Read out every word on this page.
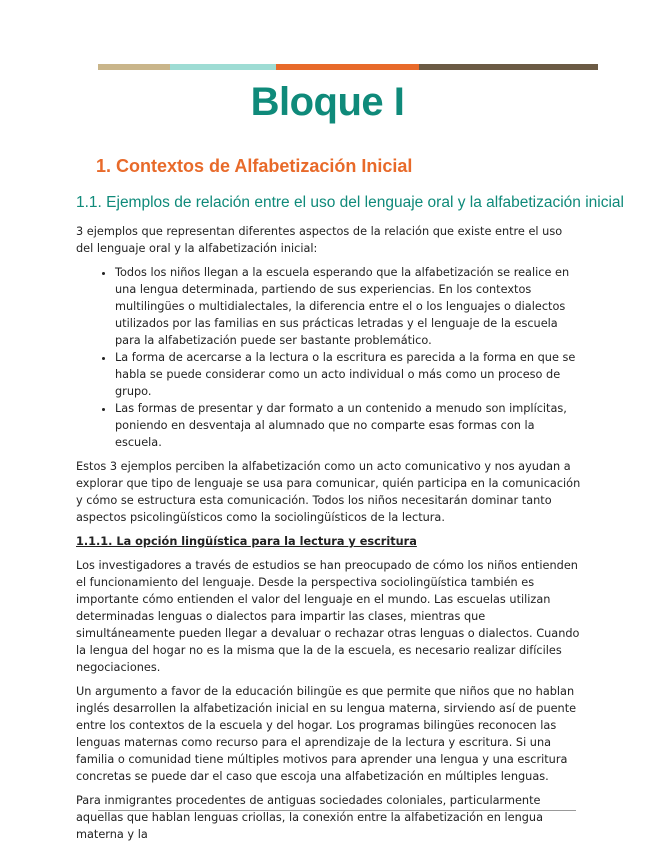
Bloque I
1. Contextos de Alfabetización Inicial
1.1. Ejemplos de relación entre el uso del lenguaje oral y la alfabetización inicial

3 ejemplos que representan diferentes aspectos de la relación que existe entre el uso del lenguaje oral y la alfabetización inicial:

• Todos los niños llegan a la escuela esperando que la alfabetización se realice en una lengua determinada, partiendo de sus experiencias. En los contextos multilingües o multidialectales, la diferencia entre el o los lenguajes o dialectos utilizados por las familias en sus prácticas letradas y el lenguaje de la escuela para la alfabetización puede ser bastante problemático.
• La forma de acercarse a la lectura o la escritura es parecida a la forma en que se habla se puede considerar como un acto individual o más como un proceso de grupo.
• Las formas de presentar y dar formato a un contenido a menudo son implícitas, poniendo en desventaja al alumnado que no comparte esas formas con la escuela.

Estos 3 ejemplos perciben la alfabetización como un acto comunicativo y nos ayudan a explorar que tipo de lenguaje se usa para comunicar, quién participa en la comunicación y cómo se estructura esta comunicación. Todos los niños necesitarán dominar tanto aspectos psicolingüísticos como la sociolingüísticos de la lectura.

1.1.1. La opción lingüística para la lectura y escritura

Los investigadores a través de estudios se han preocupado de cómo los niños entienden el funcionamiento del lenguaje. Desde la perspectiva sociolingüística también es importante cómo entienden el valor del lenguaje en el mundo. Las escuelas utilizan determinadas lenguas o dialectos para impartir las clases, mientras que simultáneamente pueden llegar a devaluar o rechazar otras lenguas o dialectos. Cuando la lengua del hogar no es la misma que la de la escuela, es necesario realizar difíciles negociaciones.

Un argumento a favor de la educación bilingüe es que permite que niños que no hablan inglés desarrollen la alfabetización inicial en su lengua materna, sirviendo así de puente entre los contextos de la escuela y del hogar. Los programas bilingües reconocen las lenguas maternas como recurso para el aprendizaje de la lectura y escritura. Si una familia o comunidad tiene múltiples motivos para aprender una lengua y una escritura concretas se puede dar el caso que escoja una alfabetización en múltiples lenguas.

Para inmigrantes procedentes de antiguas sociedades coloniales, particularmente aquellas que hablan lenguas criollas, la conexión entre la alfabetización en lengua materna y la
